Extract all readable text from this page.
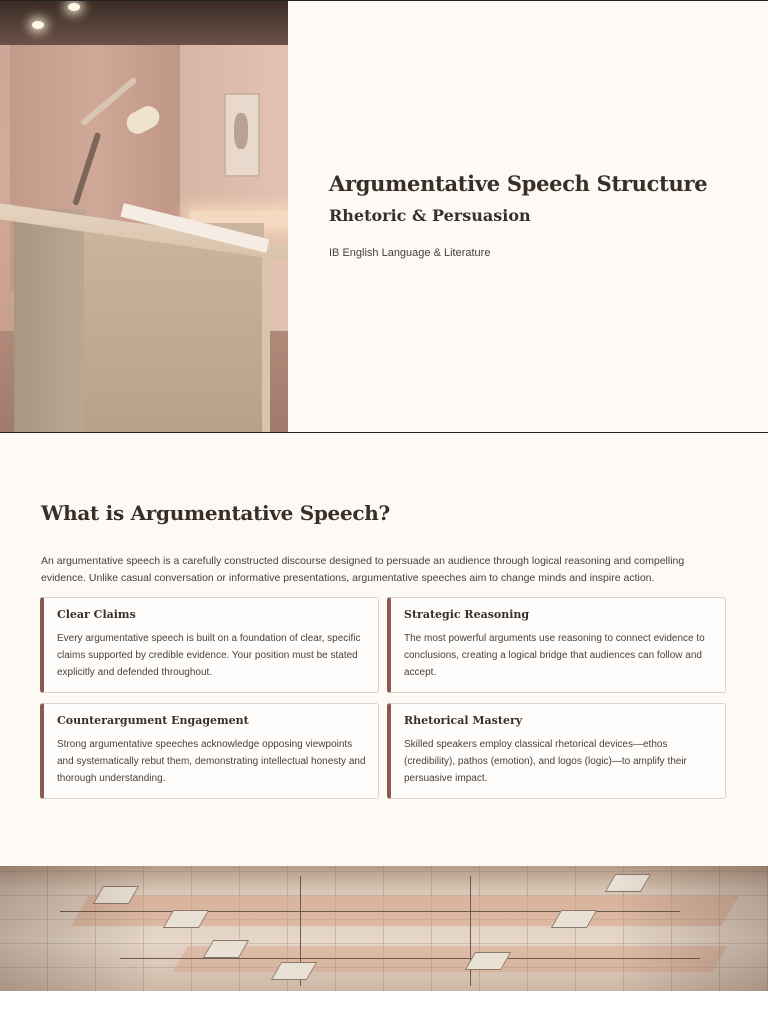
Argumentative Speech Structure
Rhetoric & Persuasion

IB English Language & Literature

What is Argumentative Speech?

An argumentative speech is a carefully constructed discourse designed to persuade an audience through logical reasoning and compelling evidence. Unlike casual conversation or informative presentations, argumentative speeches aim to change minds and inspire action.

Clear Claims
Every argumentative speech is built on a foundation of clear, specific claims supported by credible evidence. Your position must be stated explicitly and defended throughout.
Strategic Reasoning
The most powerful arguments use reasoning to connect evidence to conclusions, creating a logical bridge that audiences can follow and accept.
Counterargument Engagement
Strong argumentative speeches acknowledge opposing viewpoints and systematically rebut them, demonstrating intellectual honesty and thorough understanding.
Rhetorical Mastery
Skilled speakers employ classical rhetorical devices—ethos (credibility), pathos (emotion), and logos (logic)—to amplify their persuasive impact.
